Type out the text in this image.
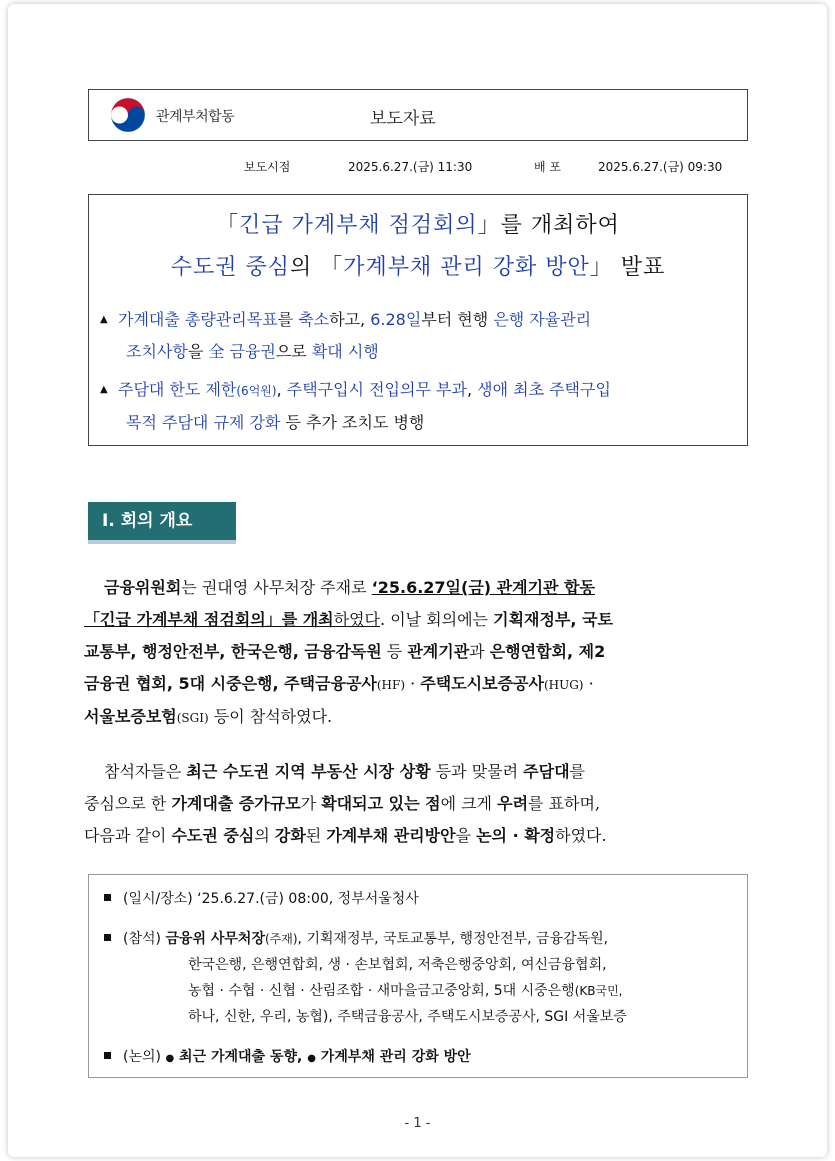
관계부처합동	보도자료
보도시점	2025.6.27.(금) 11:30	배 포	2025.6.27.(금) 09:30
「긴급 가계부채 점검회의」를 개최하여
수도권 중심의 「가계부채 관리 강화 방안」 발표
▲ 가계대출 총량관리목표를 축소하고, 6.28일부터 현행 은행 자율관리
조치사항을 全 금융권으로 확대 시행
▲ 주담대 한도 제한(6억원), 주택구입시 전입의무 부과, 생애 최초 주택구입
목적 주담대 규제 강화 등 추가 조치도 병행
Ⅰ. 회의 개요
금융위원회는 권대영 사무처장 주재로 ‘25.6.27일(금) 관계기관 합동
「긴급 가계부채 점검회의」를 개최하였다. 이날 회의에는 기획재정부, 국토
교통부, 행정안전부, 한국은행, 금융감독원 등 관계기관과 은행연합회, 제2
금융권 협회, 5대 시중은행, 주택금융공사(HF) · 주택도시보증공사(HUG) ·
서울보증보험(SGI) 등이 참석하였다.
참석자들은 최근 수도권 지역 부동산 시장 상황 등과 맞물려 주담대를
중심으로 한 가계대출 증가규모가 확대되고 있는 점에 크게 우려를 표하며,
다음과 같이 수도권 중심의 강화된 가계부채 관리방안을 논의 · 확정하였다.
(일시/장소) ‘25.6.27.(금) 08:00, 정부서울청사
(참석) 금융위 사무처장(주재), 기획재정부, 국토교통부, 행정안전부, 금융감독원,
한국은행, 은행연합회, 생 · 손보협회, 저축은행중앙회, 여신금융협회,
농협 · 수협 · 신협 · 산림조합 · 새마을금고중앙회, 5대 시중은행(KB국민,
하나, 신한, 우리, 농협), 주택금융공사, 주택도시보증공사, SGI 서울보증
(논의) ● 최근 가계대출 동향, ● 가계부채 관리 강화 방안
- 1 -
